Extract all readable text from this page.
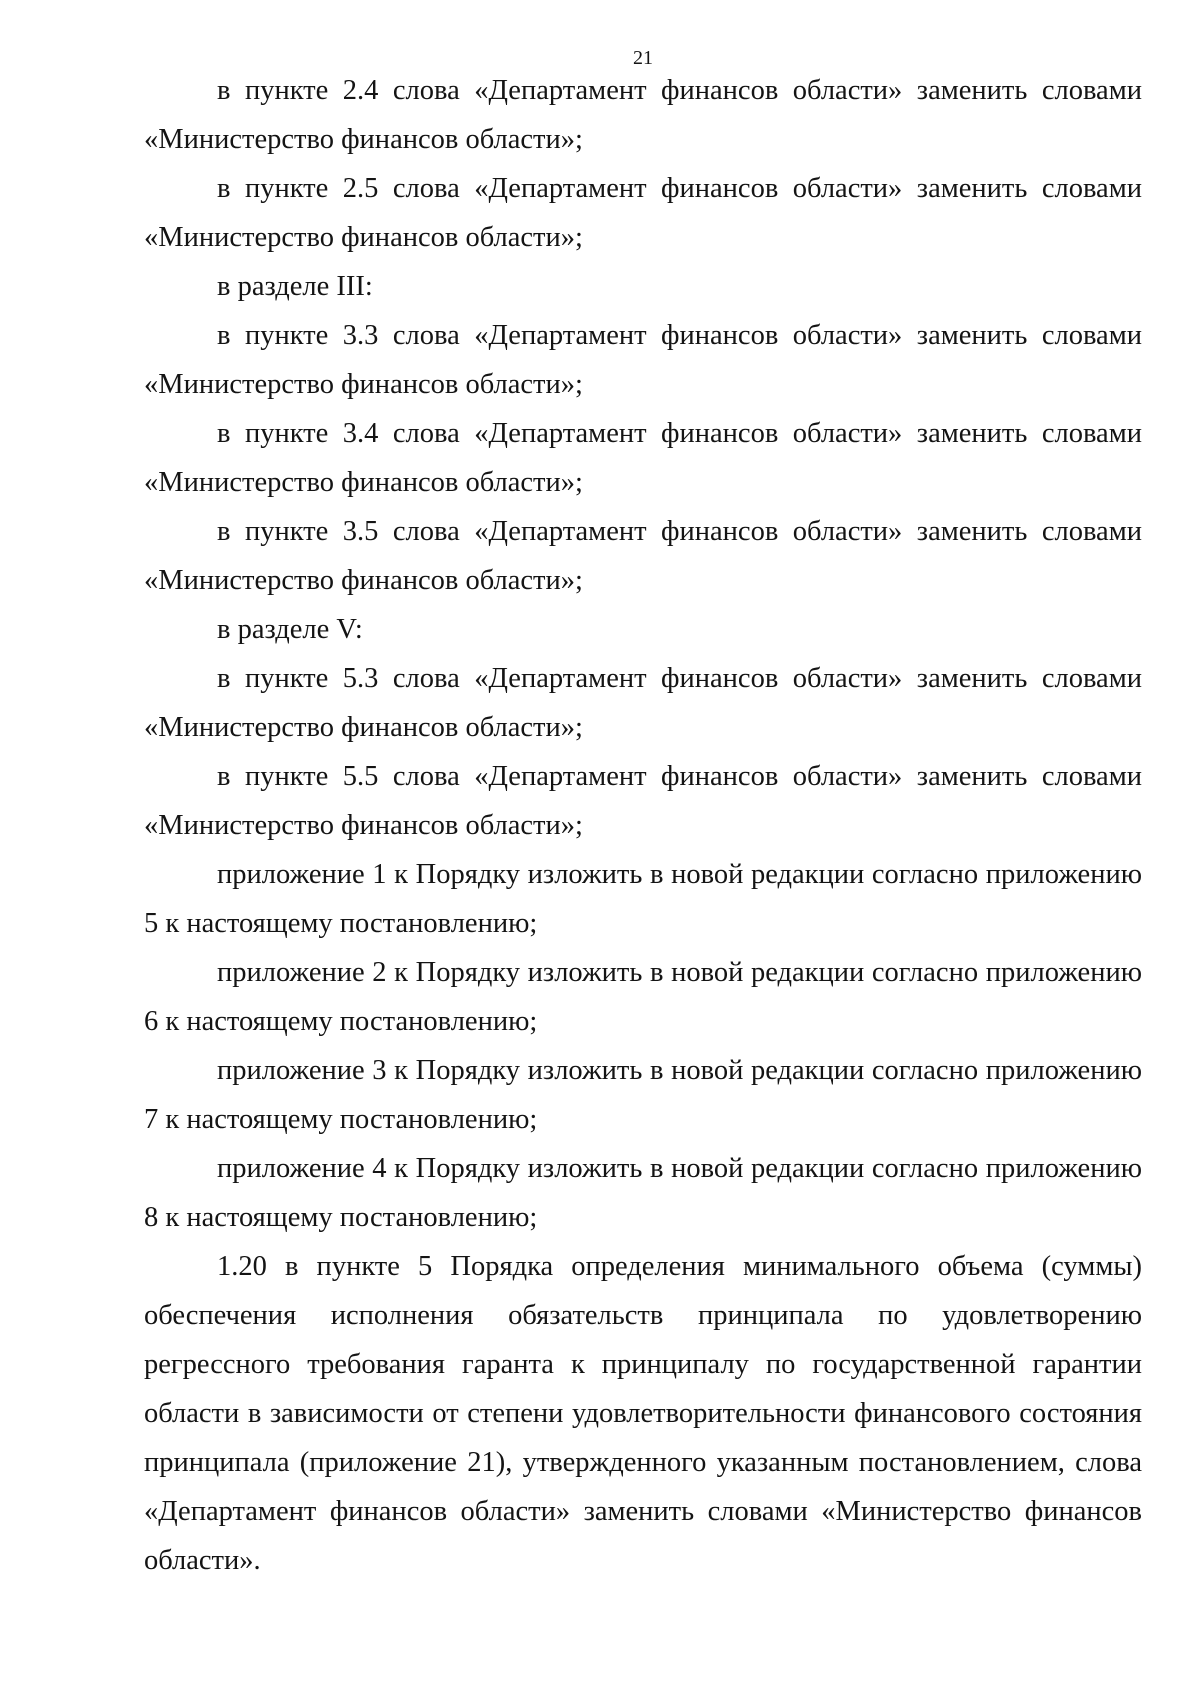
21

в пункте 2.4 слова «Департамент финансов области» заменить словами «Министерство финансов области»;

в пункте 2.5 слова «Департамент финансов области» заменить словами «Министерство финансов области»;

в разделе III:

в пункте 3.3 слова «Департамент финансов области» заменить словами «Министерство финансов области»;

в пункте 3.4 слова «Департамент финансов области» заменить словами «Министерство финансов области»;

в пункте 3.5 слова «Департамент финансов области» заменить словами «Министерство финансов области»;

в разделе V:

в пункте 5.3 слова «Департамент финансов области» заменить словами «Министерство финансов области»;

в пункте 5.5 слова «Департамент финансов области» заменить словами «Министерство финансов области»;

приложение 1 к Порядку изложить в новой редакции согласно приложению 5 к настоящему постановлению;

приложение 2 к Порядку изложить в новой редакции согласно приложению 6 к настоящему постановлению;

приложение 3 к Порядку изложить в новой редакции согласно приложению 7 к настоящему постановлению;

приложение 4 к Порядку изложить в новой редакции согласно приложению 8 к настоящему постановлению;

1.20 в пункте 5 Порядка определения минимального объема (суммы) обеспечения исполнения обязательств принципала по удовлетворению регрессного требования гаранта к принципалу по государственной гарантии области в зависимости от степени удовлетворительности финансового состояния принципала (приложение 21), утвержденного указанным постановлением, слова «Департамент финансов области» заменить словами «Министерство финансов области».
